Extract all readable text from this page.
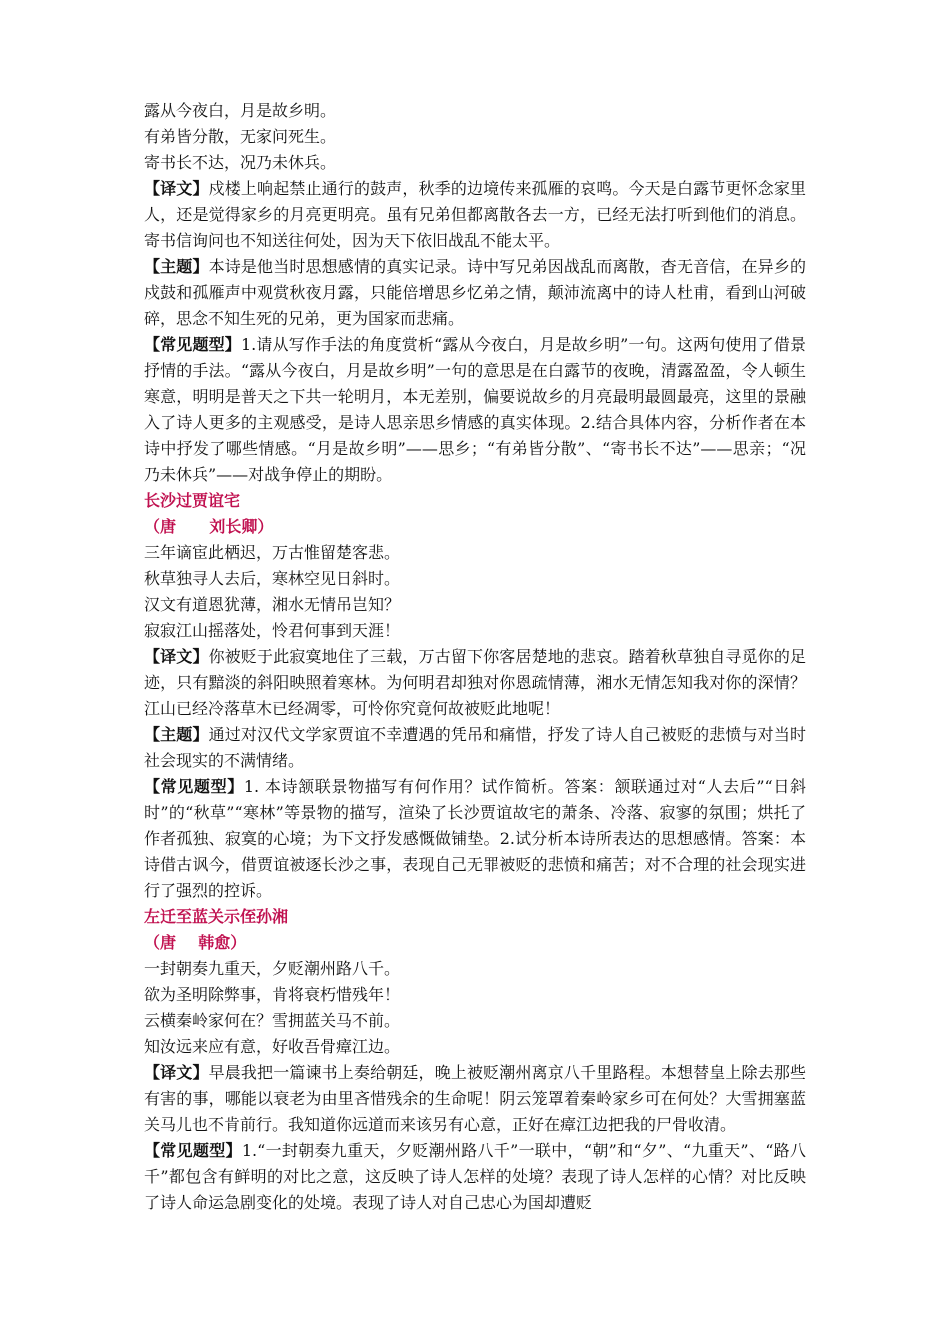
露从今夜白，月是故乡明。
有弟皆分散，无家问死生。
寄书长不达，况乃未休兵。
【译文】戍楼上响起禁止通行的鼓声，秋季的边境传来孤雁的哀鸣。今天是白露节更怀念家里人，还是觉得家乡的月亮更明亮。虽有兄弟但都离散各去一方，已经无法打听到他们的消息。寄书信询问也不知送往何处，因为天下依旧战乱不能太平。
【主题】本诗是他当时思想感情的真实记录。诗中写兄弟因战乱而离散，杳无音信，在异乡的戍鼓和孤雁声中观赏秋夜月露，只能倍增思乡忆弟之情，颠沛流离中的诗人杜甫，看到山河破碎，思念不知生死的兄弟，更为国家而悲痛。
【常见题型】1.请从写作手法的角度赏析“露从今夜白，月是故乡明”一句。这两句使用了借景抒情的手法。“露从今夜白，月是故乡明”一句的意思是在白露节的夜晚，清露盈盈，令人顿生寒意，明明是普天之下共一轮明月，本无差别，偏要说故乡的月亮最明最圆最亮，这里的景融入了诗人更多的主观感受，是诗人思亲思乡情感的真实体现。2.结合具体内容，分析作者在本诗中抒发了哪些情感。“月是故乡明”——思乡；“有弟皆分散”、“寄书长不达”——思亲；“况乃未休兵”——对战争停止的期盼。
长沙过贾谊宅
（唐      刘长卿）
三年谪宦此栖迟，万古惟留楚客悲。
秋草独寻人去后，寒林空见日斜时。
汉文有道恩犹薄，湘水无情吊岂知？
寂寂江山摇落处，怜君何事到天涯！
【译文】你被贬于此寂寞地住了三载，万古留下你客居楚地的悲哀。踏着秋草独自寻觅你的足迹，只有黯淡的斜阳映照着寒林。为何明君却独对你恩疏情薄，湘水无情怎知我对你的深情？江山已经冷落草木已经凋零，可怜你究竟何故被贬此地呢！
【主题】通过对汉代文学家贾谊不幸遭遇的凭吊和痛惜，抒发了诗人自己被贬的悲愤与对当时社会现实的不满情绪。
【常见题型】1. 本诗颔联景物描写有何作用？试作简析。答案：颔联通过对“人去后”“日斜时”的“秋草”“寒林”等景物的描写，渲染了长沙贾谊故宅的萧条、冷落、寂寥的氛围；烘托了作者孤独、寂寞的心境；为下文抒发感慨做铺垫。2.试分析本诗所表达的思想感情。答案：本诗借古讽今，借贾谊被逐长沙之事，表现自己无罪被贬的悲愤和痛苦；对不合理的社会现实进行了强烈的控诉。
左迁至蓝关示侄孙湘
（唐    韩愈）
一封朝奏九重天，夕贬潮州路八千。
欲为圣明除弊事，肯将衰朽惜残年！
云横秦岭家何在？雪拥蓝关马不前。
知汝远来应有意，好收吾骨瘴江边。
【译文】早晨我把一篇谏书上奏给朝廷，晚上被贬潮州离京八千里路程。本想替皇上除去那些有害的事，哪能以衰老为由里吝惜残余的生命呢！阴云笼罩着秦岭家乡可在何处？大雪拥塞蓝关马儿也不肯前行。我知道你远道而来该另有心意，正好在瘴江边把我的尸骨收清。
【常见题型】1.“一封朝奏九重天，夕贬潮州路八千”一联中，“朝”和“夕”、“九重天”、“路八千”都包含有鲜明的对比之意，这反映了诗人怎样的处境？表现了诗人怎样的心情？对比反映了诗人命运急剧变化的处境。表现了诗人对自己忠心为国却遭贬
